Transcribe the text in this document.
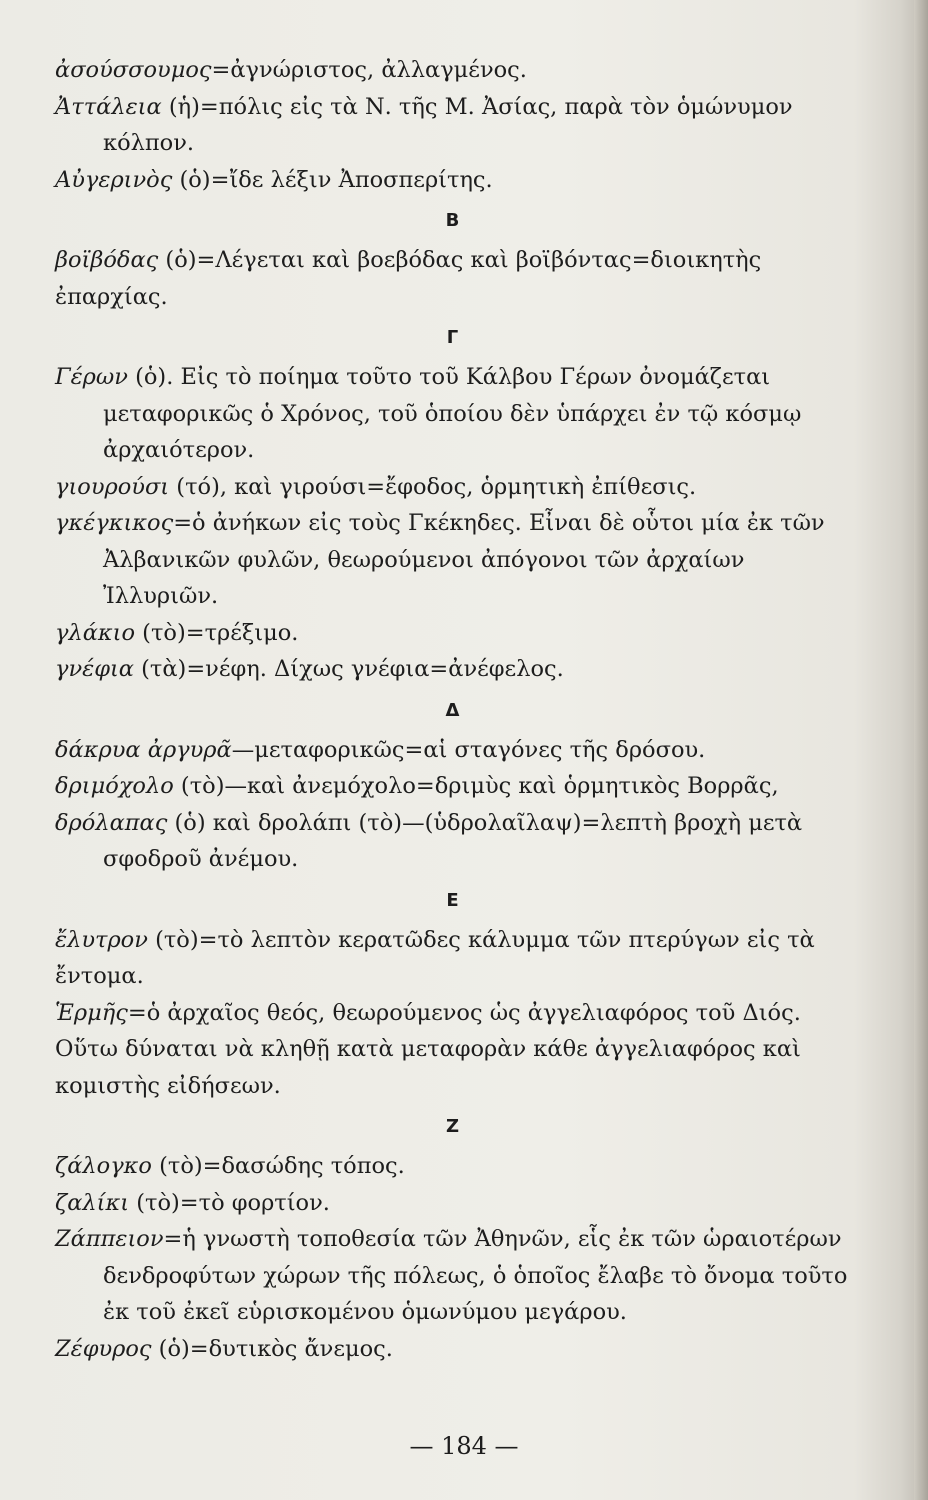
ἀσούσσουμος=ἀγνώριστος, ἀλλαγμένος.
Ἀττάλεια (ἡ)=πόλις εἰς τὰ Ν. τῆς Μ. Ἀσίας, παρὰ τὸν ὁμώνυμον κόλπον.
Αὐγερινὸς (ὁ)=ἴδε λέξιν Ἀποσπερίτης.
Β
βοϊβόδας (ὁ)=Λέγεται καὶ βοεβόδας καὶ βοϊβόντας=διοικητὴς ἐπαρχίας.
Γ
Γέρων (ὁ). Εἰς τὸ ποίημα τοῦτο τοῦ Κάλβου Γέρων ὀνομάζεται μεταφορικῶς ὁ Χρόνος, τοῦ ὁποίου δὲν ὑπάρχει ἐν τῷ κόσμῳ ἀρχαιότερον.
γιουρούσι (τό), καὶ γιρούσι=ἔφοδος, ὁρμητικὴ ἐπίθεσις.
γκέγκικος=ὁ ἀνήκων εἰς τοὺς Γκέκηδες. Εἶναι δὲ οὗτοι μία ἐκ τῶν Ἀλβανικῶν φυλῶν, θεωρούμενοι ἀπόγονοι τῶν ἀρχαίων Ἰλλυριῶν.
γλάκιο (τὸ)=τρέξιμο.
γνέφια (τὰ)=νέφη. Δίχως γνέφια=ἀνέφελος.
Δ
δάκρυα ἀργυρᾶ—μεταφορικῶς=αἱ σταγόνες τῆς δρόσου.
δριμόχολο (τὸ)—καὶ ἀνεμόχολο=δριμὺς καὶ ὁρμητικὸς Βορρᾶς,
δρόλαπας (ὁ) καὶ δρολάπι (τὸ)—(ὑδρολαῖλαψ)=λεπτὴ βροχὴ μετὰ σφοδροῦ ἀνέμου.
Ε
ἔλυτρον (τὸ)=τὸ λεπτὸν κερατῶδες κάλυμμα τῶν πτερύγων εἰς τὰ ἔντομα.
Ἑρμῆς=ὁ ἀρχαῖος θεός, θεωρούμενος ὡς ἀγγελιαφόρος τοῦ Διός. Οὕτω δύναται νὰ κληθῇ κατὰ μεταφορὰν κάθε ἀγγελιαφόρος καὶ κομιστὴς εἰδήσεων.
Ζ
ζάλογκο (τὸ)=δασώδης τόπος.
ζαλίκι (τὸ)=τὸ φορτίον.
Ζάππειον=ἡ γνωστὴ τοποθεσία τῶν Ἀθηνῶν, εἷς ἐκ τῶν ὡραιοτέρων δενδροφύτων χώρων τῆς πόλεως, ὁ ὁποῖος ἔλαβε τὸ ὄνομα τοῦτο ἐκ τοῦ ἐκεῖ εὑρισκομένου ὁμωνύμου μεγάρου.
Ζέφυρος (ὁ)=δυτικὸς ἄνεμος.
— 184 —
